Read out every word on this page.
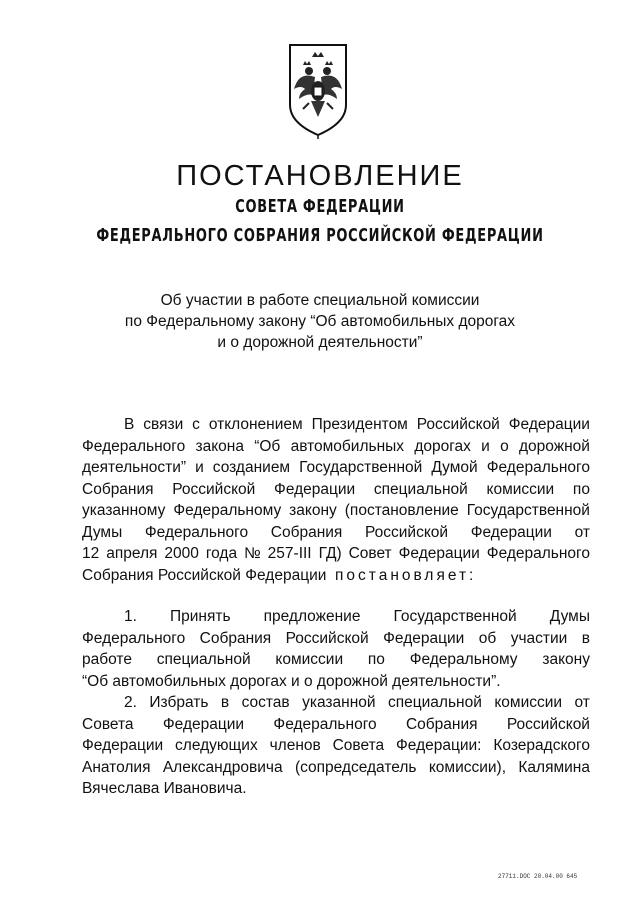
ПОСТАНОВЛЕНИЕ
СОВЕТА ФЕДЕРАЦИИ
ФЕДЕРАЛЬНОГО СОБРАНИЯ РОССИЙСКОЙ ФЕДЕРАЦИИ
Об участии в работе специальной комиссии
по Федеральному закону “Об автомобильных дорогах
и о дорожной деятельности”
В связи с отклонением Президентом Российской Федерации
Федерального закона “Об автомобильных дорогах и о дорожной
деятельности” и созданием Государственной Думой Федерального
Собрания Российской Федерации специальной комиссии по
указанному Федеральному закону (постановление Государственной
Думы Федерального Собрания Российской Федерации от
12 апреля 2000 года № 257-III ГД) Совет Федерации Федерального
Собрания Российской Федерации
постановляет:
1. Принять предложение Государственной Думы
Федерального Собрания Российской Федерации об участии в
работе специальной комиссии по Федеральному закону
“Об автомобильных дорогах и о дорожной деятельности”.
2. Избрать в состав указанной специальной комиссии от
Совета Федерации Федерального Собрания Российской
Федерации следующих членов Совета Федерации: Козерадского
Анатолия Александровича (сопредседатель комиссии), Калямина
Вячеслава Ивановича.
27711.DOC 20.04.00 645
